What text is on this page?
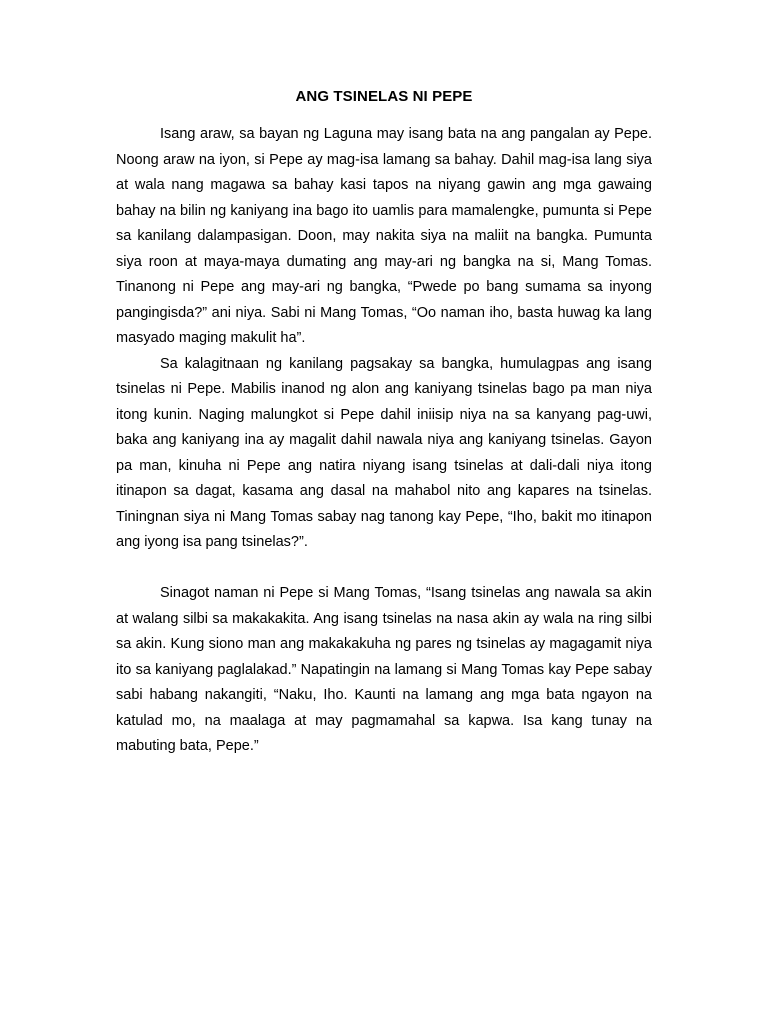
ANG TSINELAS NI PEPE

Isang araw, sa bayan ng Laguna may isang bata na ang pangalan ay Pepe. Noong araw na iyon, si Pepe ay mag-isa lamang sa bahay. Dahil mag-isa lang siya at wala nang magawa sa bahay kasi tapos na niyang gawin ang mga gawaing bahay na bilin ng kaniyang ina bago ito uamlis para mamalengke, pumunta si Pepe sa kanilang dalampasigan. Doon, may nakita siya na maliit na bangka. Pumunta siya roon at maya-maya dumating ang may-ari ng bangka na si, Mang Tomas. Tinanong ni Pepe ang may-ari ng bangka, “Pwede po bang sumama sa inyong pangingisda?” ani niya. Sabi ni Mang Tomas, “Oo naman iho, basta huwag ka lang masyado maging makulit ha”.

Sa kalagitnaan ng kanilang pagsakay sa bangka, humulagpas ang isang tsinelas ni Pepe. Mabilis inanod ng alon ang kaniyang tsinelas bago pa man niya itong kunin. Naging malungkot si Pepe dahil iniisip niya na sa kanyang pag-uwi, baka ang kaniyang ina ay magalit dahil nawala niya ang kaniyang tsinelas. Gayon pa man, kinuha ni Pepe ang natira niyang isang tsinelas at dali-dali niya itong itinapon sa dagat, kasama ang dasal na mahabol nito ang kapares na tsinelas. Tiningnan siya ni Mang Tomas sabay nag tanong kay Pepe, “Iho, bakit mo itinapon ang iyong isa pang tsinelas?”.

Sinagot naman ni Pepe si Mang Tomas, “Isang tsinelas ang nawala sa akin at walang silbi sa makakakita. Ang isang tsinelas na nasa akin ay wala na ring silbi sa akin. Kung siono man ang makakakuha ng pares ng tsinelas ay magagamit niya ito sa kaniyang paglalakad.” Napatingin na lamang si Mang Tomas kay Pepe sabay sabi habang nakangiti, “Naku, Iho. Kaunti na lamang ang mga bata ngayon na katulad mo, na maalaga at may pagmamahal sa kapwa. Isa kang tunay na mabuting bata, Pepe.”
